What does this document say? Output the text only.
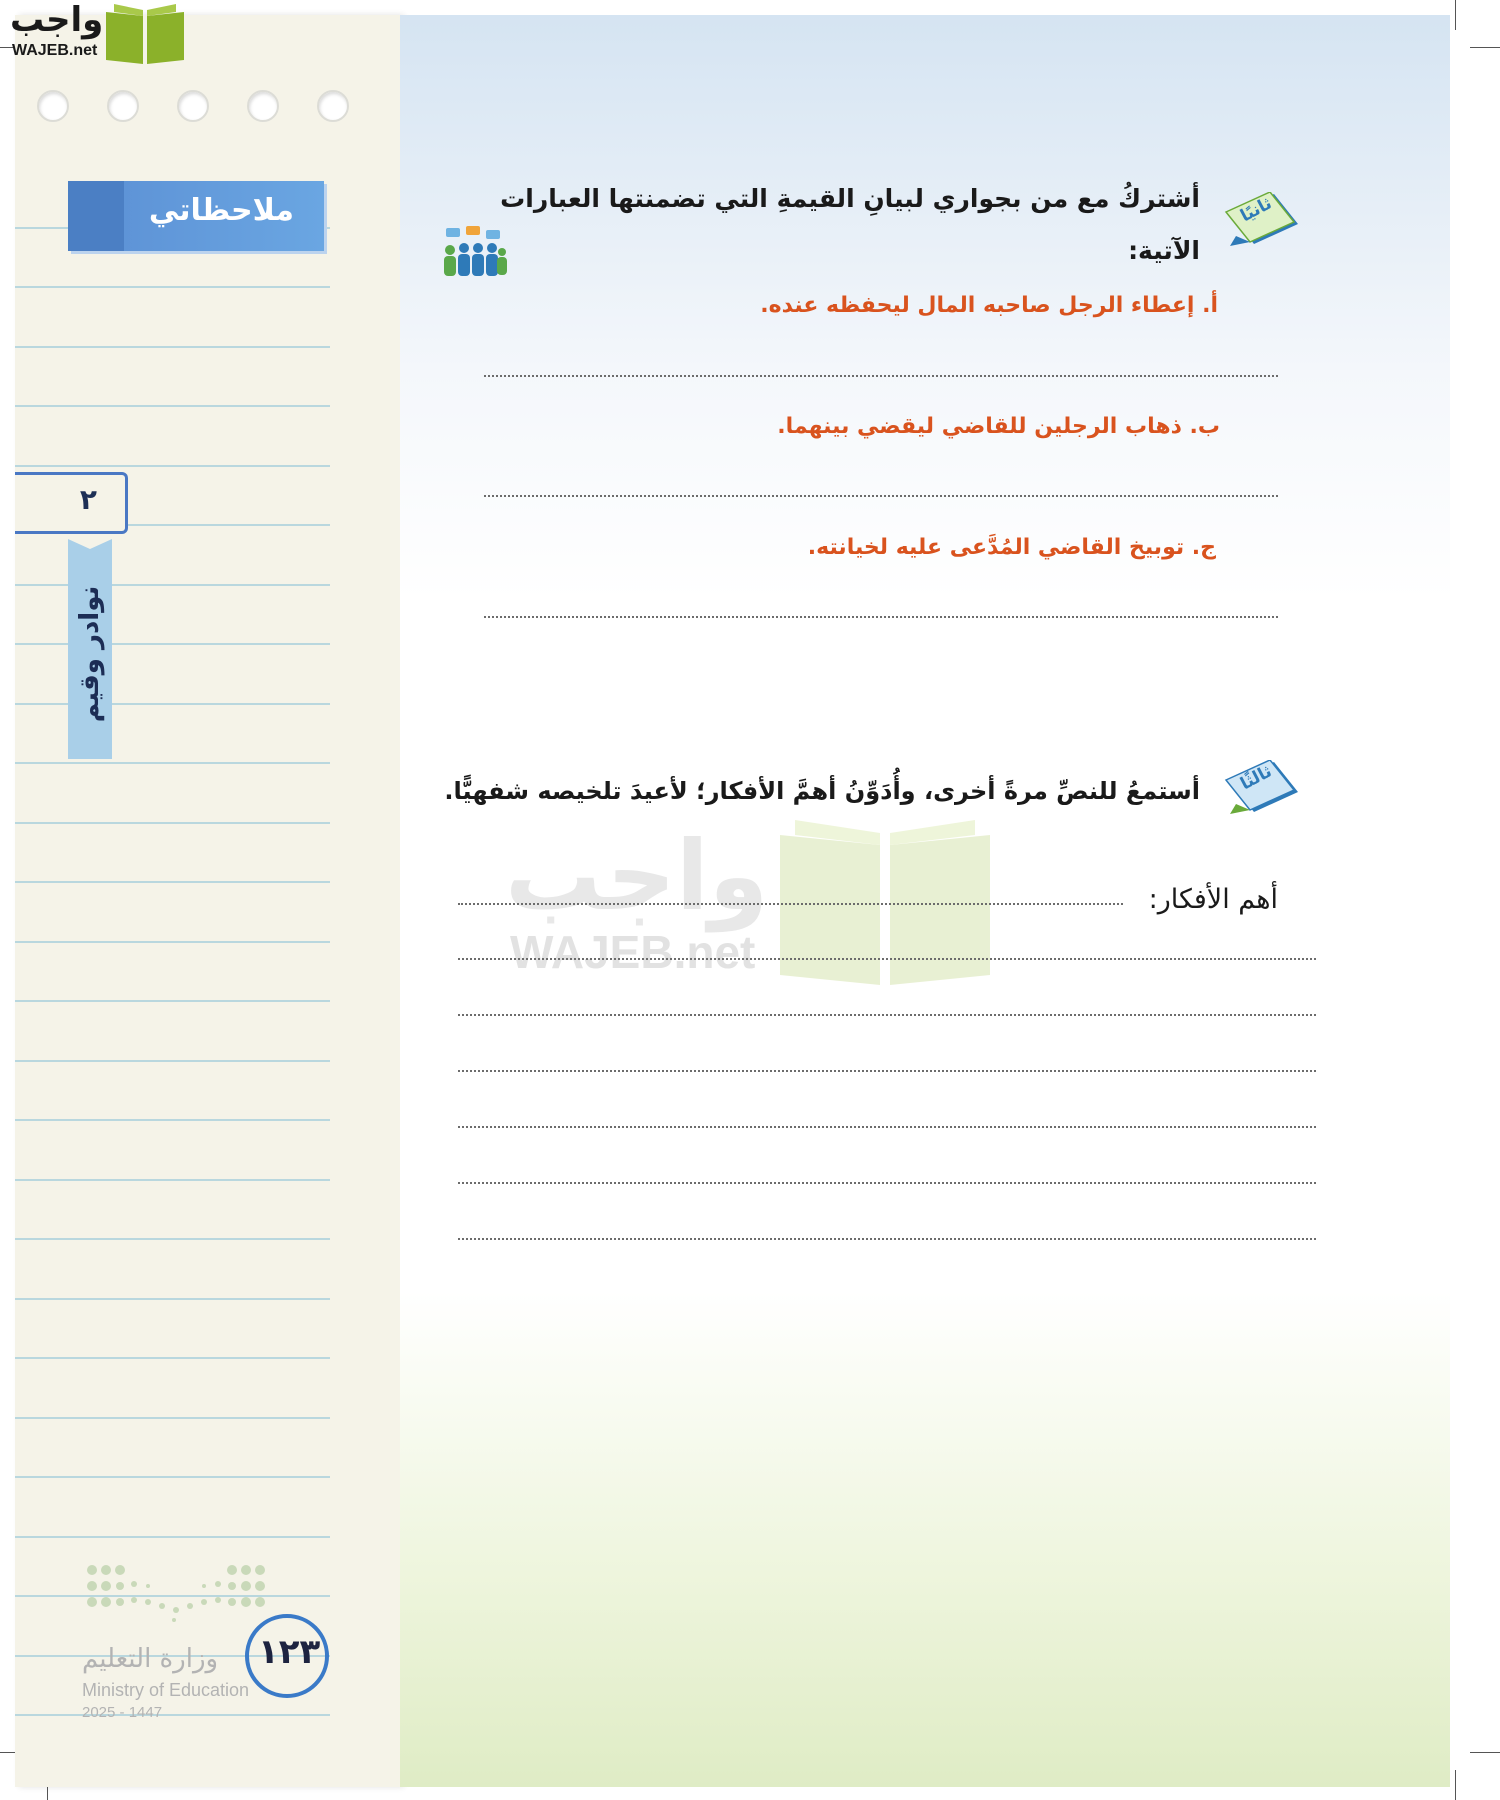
ملاحظاتي
٢
نوادر وقيم
وزارة التعليم
Ministry of Education
2025 - 1447
١٢٣
واجب
WAJEB.net
ثانيًا
أشتركُ مع من بجواري لبيانِ القيمةِ التي تضمنتها العبارات
الآتية:
أ. إعطاء الرجل صاحبه المال ليحفظه عنده.
ب. ذهاب الرجلين للقاضي ليقضي بينهما.
ج. توبيخ القاضي المُدَّعى عليه لخيانته.
ثالثًا
أستمعُ للنصِّ مرةً أخرى، وأُدَوِّنُ أهمَّ الأفكار؛ لأعيدَ تلخيصه شفهيًّا.
أهم الأفكار:
واجب
WAJEB.net
